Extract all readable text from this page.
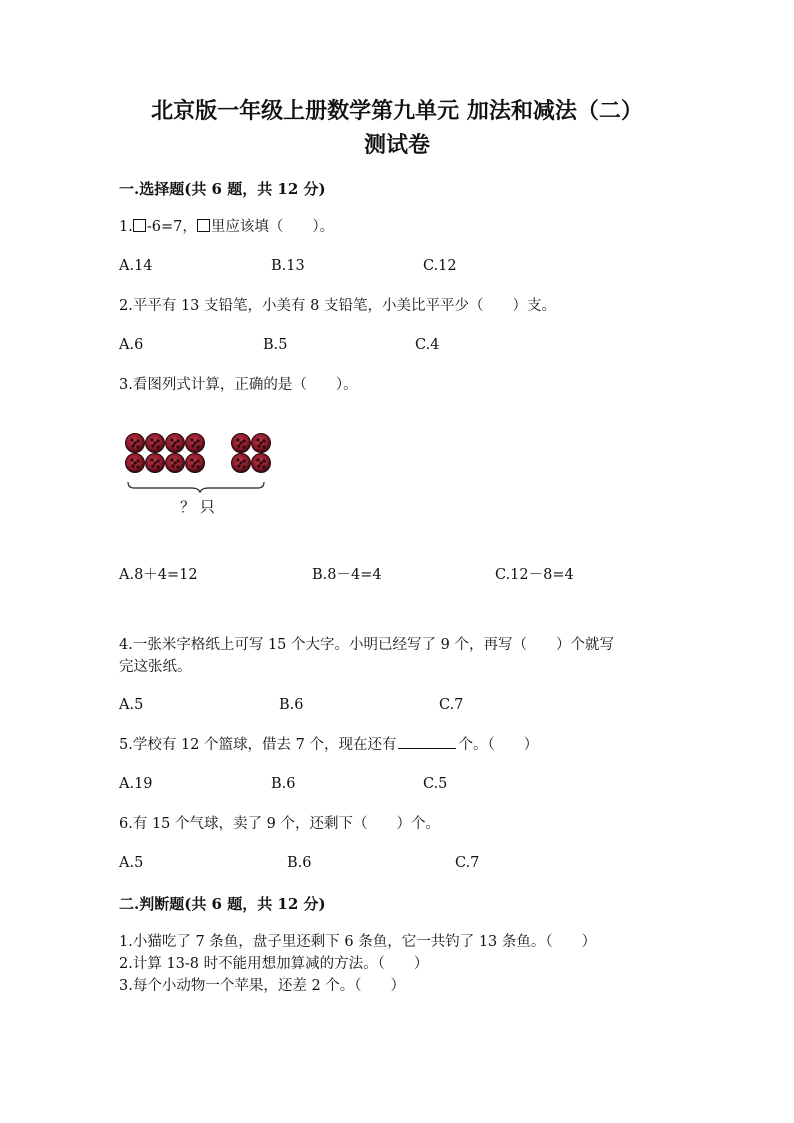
北京版一年级上册数学第九单元 加法和减法（二）
测试卷
一.选择题(共 6 题，共 12 分)
1. -6=7， 里应该填（　　）。
A.14	B.13	C.12
2.平平有 13 支铅笔，小美有 8 支铅笔，小美比平平少（　　）支。
A.6	B.5	C.4
3.看图列式计算，正确的是（　　）。
？ 只
A.8＋4=12	B.8－4=4	C.12－8=4
4.一张米字格纸上可写 15 个大字。小明已经写了 9 个，再写（　　）个就写
完这张纸。
A.5	B.6	C.7
5.学校有 12 个篮球，借去 7 个，现在还有	个。（　　）
A.19	B.6	C.5
6.有 15 个气球，卖了 9 个，还剩下（　　）个。
A.5	B.6	C.7
二.判断题(共 6 题，共 12 分)
1.小猫吃了 7 条鱼，盘子里还剩下 6 条鱼，它一共钓了 13 条鱼。（　　）
2.计算 13-8 时不能用想加算减的方法。（　　）
3.每个小动物一个苹果，还差 2 个。（　　）
